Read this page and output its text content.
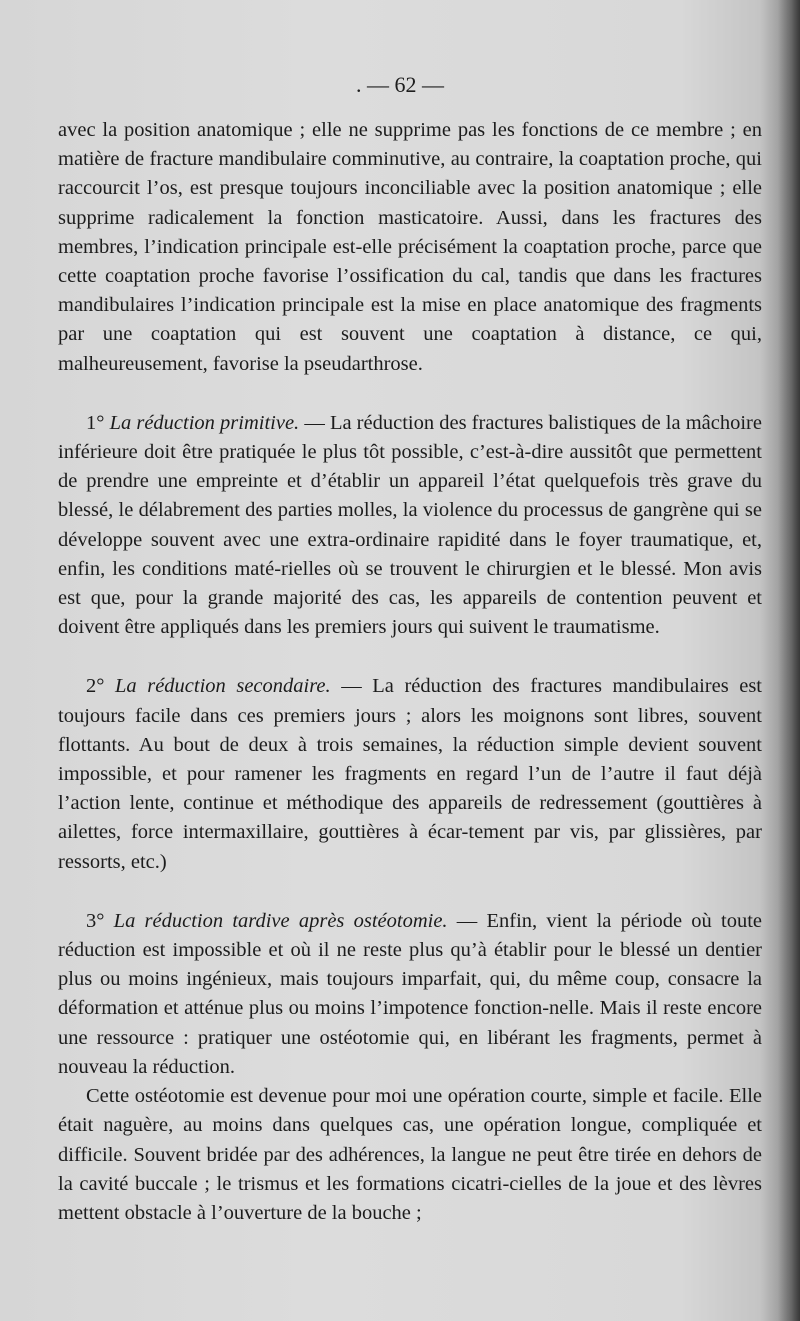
. — 62 —

avec la position anatomique ; elle ne supprime pas les fonctions de ce membre ; en matière de fracture mandibulaire comminutive, au contraire, la coaptation proche, qui raccourcit l’os, est presque toujours inconciliable avec la position anatomique ; elle supprime radicalement la fonction masticatoire. Aussi, dans les fractures des membres, l’indication principale est-elle précisément la coaptation proche, parce que cette coaptation proche favorise l’ossification du cal, tandis que dans les fractures mandibulaires l’indication principale est la mise en place anatomique des fragments par une coaptation qui est souvent une coaptation à distance, ce qui, malheureusement, favorise la pseudarthrose.

1° La réduction primitive. — La réduction des fractures balistiques de la mâchoire inférieure doit être pratiquée le plus tôt possible, c’est-à-dire aussitôt que permettent de prendre une empreinte et d’établir un appareil l’état quelquefois très grave du blessé, le délabrement des parties molles, la violence du processus de gangrène qui se développe souvent avec une extra-ordinaire rapidité dans le foyer traumatique, et, enfin, les conditions maté-rielles où se trouvent le chirurgien et le blessé. Mon avis est que, pour la grande majorité des cas, les appareils de contention peuvent et doivent être appliqués dans les premiers jours qui suivent le traumatisme.

2° La réduction secondaire. — La réduction des fractures mandibulaires est toujours facile dans ces premiers jours ; alors les moignons sont libres, souvent flottants. Au bout de deux à trois semaines, la réduction simple devient souvent impossible, et pour ramener les fragments en regard l’un de l’autre il faut déjà l’action lente, continue et méthodique des appareils de redressement (gouttières à ailettes, force intermaxillaire, gouttières à écar-tement par vis, par glissières, par ressorts, etc.)

3° La réduction tardive après ostéotomie. — Enfin, vient la période où toute réduction est impossible et où il ne reste plus qu’à établir pour le blessé un dentier plus ou moins ingénieux, mais toujours imparfait, qui, du même coup, consacre la déformation et atténue plus ou moins l’impotence fonction-nelle. Mais il reste encore une ressource : pratiquer une ostéotomie qui, en libérant les fragments, permet à nouveau la réduction.

Cette ostéotomie est devenue pour moi une opération courte, simple et facile. Elle était naguère, au moins dans quelques cas, une opération longue, compliquée et difficile. Souvent bridée par des adhérences, la langue ne peut être tirée en dehors de la cavité buccale ; le trismus et les formations cicatri-cielles de la joue et des lèvres mettent obstacle à l’ouverture de la bouche ;
